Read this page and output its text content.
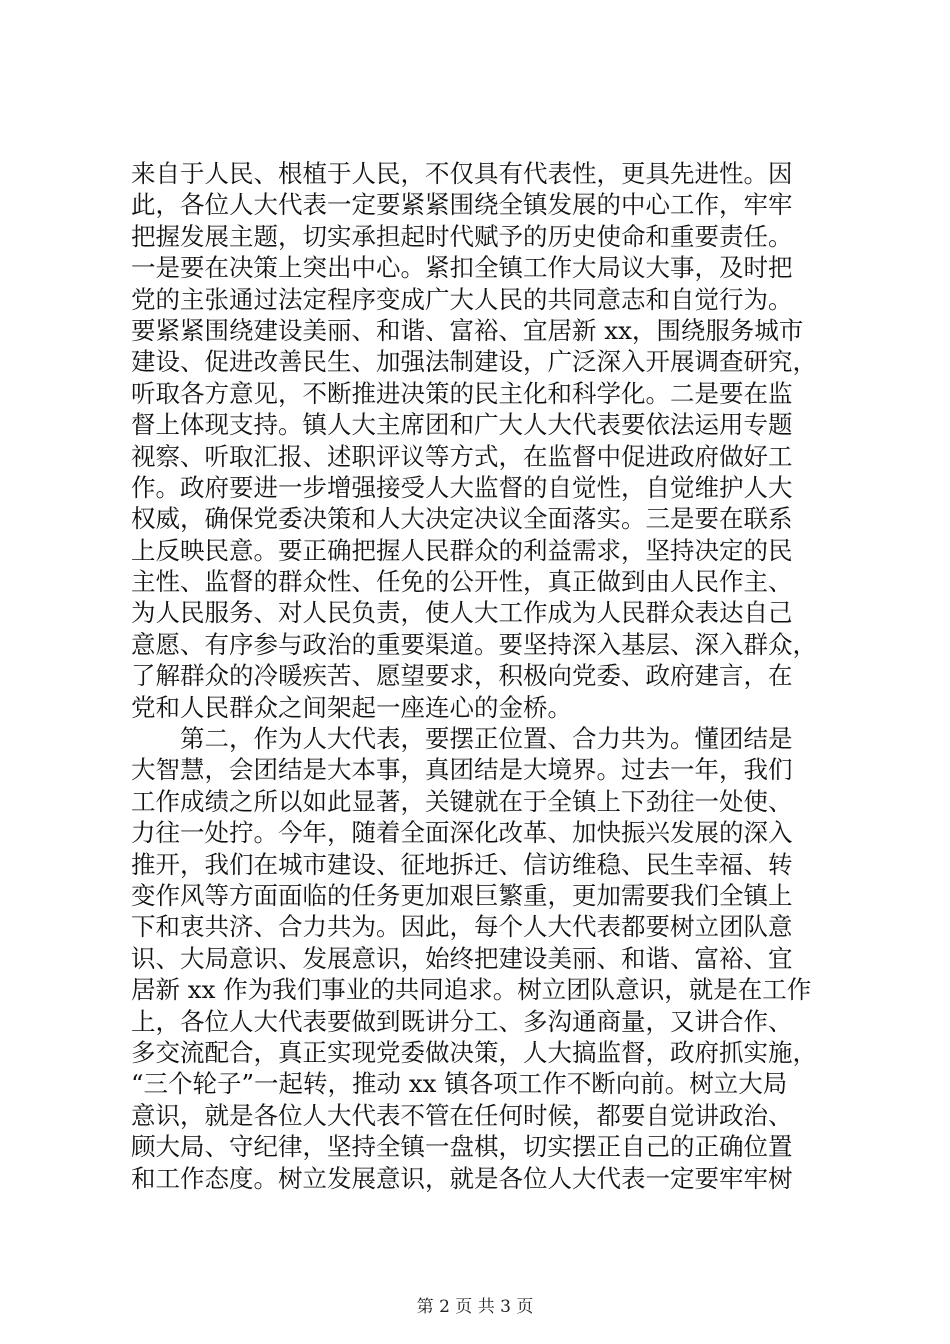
来自于人民、根植于人民，不仅具有代表性，更具先进性。因
此，各位人大代表一定要紧紧围绕全镇发展的中心工作，牢牢
把握发展主题，切实承担起时代赋予的历史使命和重要责任。
一是要在决策上突出中心。紧扣全镇工作大局议大事，及时把
党的主张通过法定程序变成广大人民的共同意志和自觉行为。
要紧紧围绕建设美丽、和谐、富裕、宜居新 xx，围绕服务城市
建设、促进改善民生、加强法制建设，广泛深入开展调查研究，
听取各方意见，不断推进决策的民主化和科学化。二是要在监
督上体现支持。镇人大主席团和广大人大代表要依法运用专题
视察、听取汇报、述职评议等方式，在监督中促进政府做好工
作。政府要进一步增强接受人大监督的自觉性，自觉维护人大
权威，确保党委决策和人大决定决议全面落实。三是要在联系
上反映民意。要正确把握人民群众的利益需求，坚持决定的民
主性、监督的群众性、任免的公开性，真正做到由人民作主、
为人民服务、对人民负责，使人大工作成为人民群众表达自己
意愿、有序参与政治的重要渠道。要坚持深入基层、深入群众，
了解群众的冷暖疾苦、愿望要求，积极向党委、政府建言，在
党和人民群众之间架起一座连心的金桥。
　　第二，作为人大代表，要摆正位置、合力共为。懂团结是
大智慧，会团结是大本事，真团结是大境界。过去一年，我们
工作成绩之所以如此显著，关键就在于全镇上下劲往一处使、
力往一处拧。今年，随着全面深化改革、加快振兴发展的深入
推开，我们在城市建设、征地拆迁、信访维稳、民生幸福、转
变作风等方面面临的任务更加艰巨繁重，更加需要我们全镇上
下和衷共济、合力共为。因此，每个人大代表都要树立团队意
识、大局意识、发展意识，始终把建设美丽、和谐、富裕、宜
居新 xx 作为我们事业的共同追求。树立团队意识，就是在工作
上，各位人大代表要做到既讲分工、多沟通商量，又讲合作、
多交流配合，真正实现党委做决策，人大搞监督，政府抓实施，
“三个轮子”一起转，推动 xx 镇各项工作不断向前。树立大局
意识，就是各位人大代表不管在任何时候，都要自觉讲政治、
顾大局、守纪律，坚持全镇一盘棋，切实摆正自己的正确位置
和工作态度。树立发展意识，就是各位人大代表一定要牢牢树
第 2 页 共 3 页
